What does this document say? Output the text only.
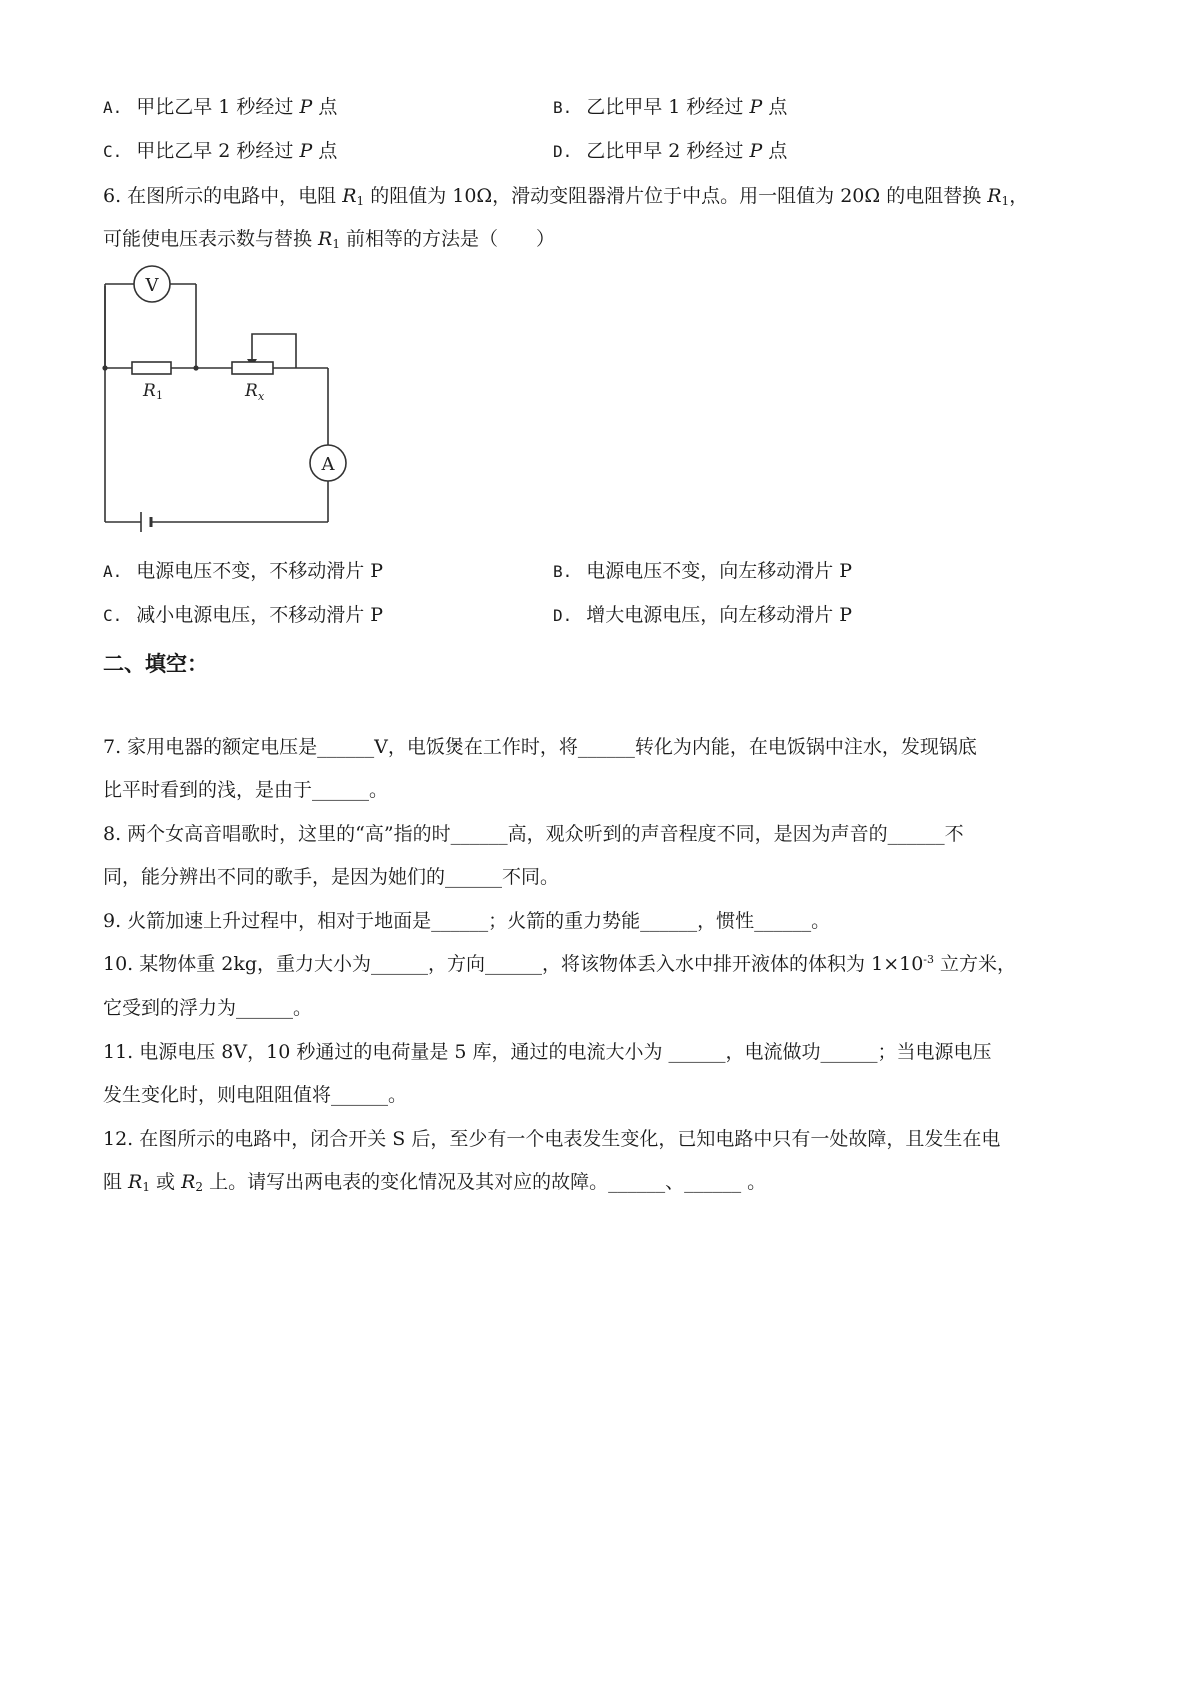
A. 甲比乙早 1 秒经过 P 点	B. 乙比甲早 1 秒经过 P 点
C. 甲比乙早 2 秒经过 P 点	D. 乙比甲早 2 秒经过 P 点
6. 在图所示的电路中，电阻 $R_1$ 的阻值为 10Ω，滑动变阻器滑片位于中点。用一阻值为 20Ω 的电阻替换 $R_1$，
可能使电压表示数与替换 $R_1$ 前相等的方法是（　　）
V
A
R 1	R x
A. 电源电压不变，不移动滑片 P	B. 电源电压不变，向左移动滑片 P
C. 减小电源电压，不移动滑片 P	D. 增大电源电压，向左移动滑片 P
二、填空：
7. 家用电器的额定电压是______V，电饭煲在工作时，将______转化为内能，在电饭锅中注水，发现锅底
比平时看到的浅，是由于______。
8. 两个女高音唱歌时，这里的“高”指的时______高，观众听到的声音程度不同，是因为声音的______不
同，能分辨出不同的歌手，是因为她们的______不同。
9. 火箭加速上升过程中，相对于地面是______；火箭的重力势能______，惯性______。
10. 某物体重 2kg，重力大小为______，方向______，将该物体丢入水中排开液体的体积为 $1\times 10^{-3}$ 立方米，
它受到的浮力为______。
11. 电源电压 8V，10 秒通过的电荷量是 5 库，通过的电流大小为 ______，电流做功______；当电源电压
发生变化时，则电阻阻值将______。
12. 在图所示的电路中，闭合开关 S 后，至少有一个电表发生变化，已知电路中只有一处故障，且发生在电
阻 $R_1$ 或 $R_2$ 上。请写出两电表的变化情况及其对应的故障。______、______ 。
